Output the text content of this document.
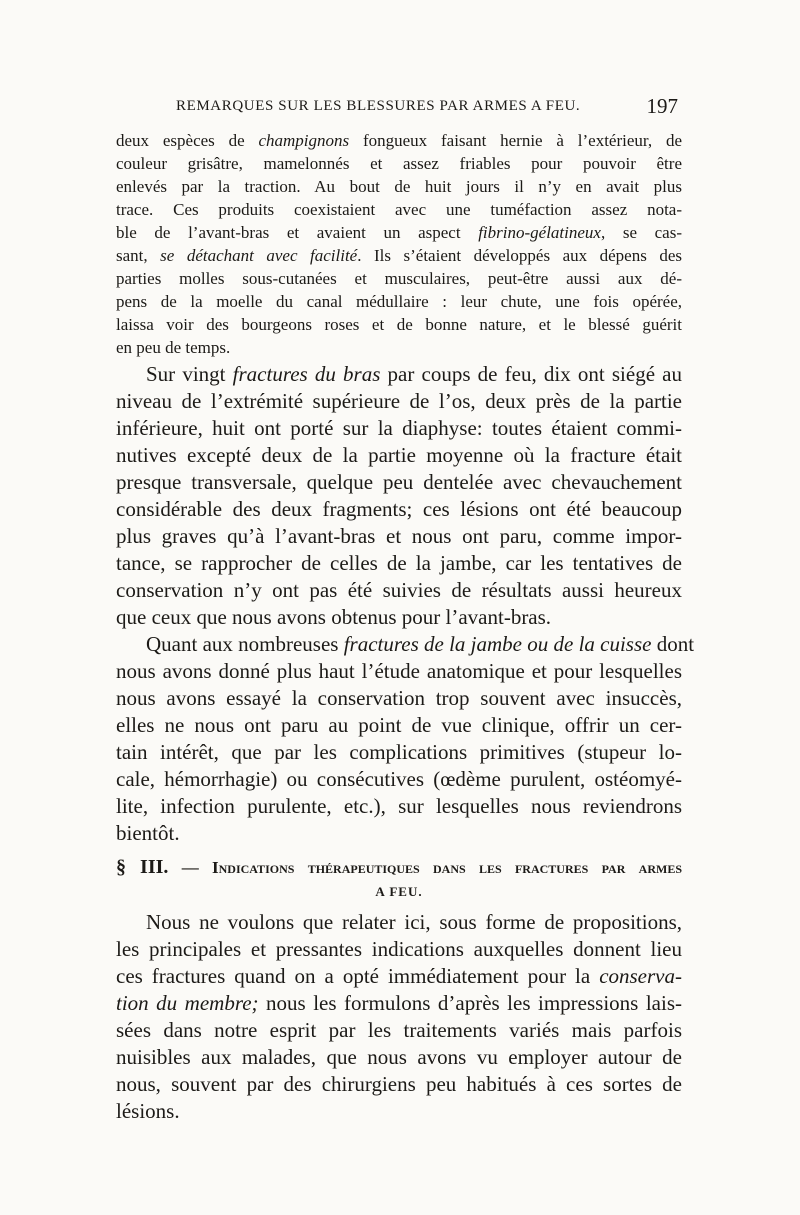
REMARQUES SUR LES BLESSURES PAR ARMES A FEU.	197
deux espèces de champignons fongueux faisant hernie à l’extérieur, de
couleur grisâtre, mamelonnés et assez friables pour pouvoir être
enlevés par la traction. Au bout de huit jours il n’y en avait plus
trace. Ces produits coexistaient avec une tuméfaction assez nota-
ble de l’avant-bras et avaient un aspect fibrino-gélatineux, se cas-
sant, se détachant avec facilité. Ils s’étaient développés aux dépens des
parties molles sous-cutanées et musculaires, peut-être aussi aux dé-
pens de la moelle du canal médullaire : leur chute, une fois opérée,
laissa voir des bourgeons roses et de bonne nature, et le blessé guérit
en peu de temps.
Sur vingt fractures du bras par coups de feu, dix ont siégé au
niveau de l’extrémité supérieure de l’os, deux près de la partie
inférieure, huit ont porté sur la diaphyse: toutes étaient commi-
nutives excepté deux de la partie moyenne où la fracture était
presque transversale, quelque peu dentelée avec chevauchement
considérable des deux fragments; ces lésions ont été beaucoup
plus graves qu’à l’avant-bras et nous ont paru, comme impor-
tance, se rapprocher de celles de la jambe, car les tentatives de
conservation n’y ont pas été suivies de résultats aussi heureux
que ceux que nous avons obtenus pour l’avant-bras.
Quant aux nombreuses fractures de la jambe ou de la cuisse dont
nous avons donné plus haut l’étude anatomique et pour lesquelles
nous avons essayé la conservation trop souvent avec insuccès,
elles ne nous ont paru au point de vue clinique, offrir un cer-
tain intérêt, que par les complications primitives (stupeur lo-
cale, hémorrhagie) ou consécutives (œdème purulent, ostéomyé-
lite, infection purulente, etc.), sur lesquelles nous reviendrons
bientôt.
§ III. — Indications thérapeutiques dans les fractures par armes
A FEU.
Nous ne voulons que relater ici, sous forme de propositions,
les principales et pressantes indications auxquelles donnent lieu
ces fractures quand on a opté immédiatement pour la conserva-
tion du membre; nous les formulons d’après les impressions lais-
sées dans notre esprit par les traitements variés mais parfois
nuisibles aux malades, que nous avons vu employer autour de
nous, souvent par des chirurgiens peu habitués à ces sortes de
lésions.
